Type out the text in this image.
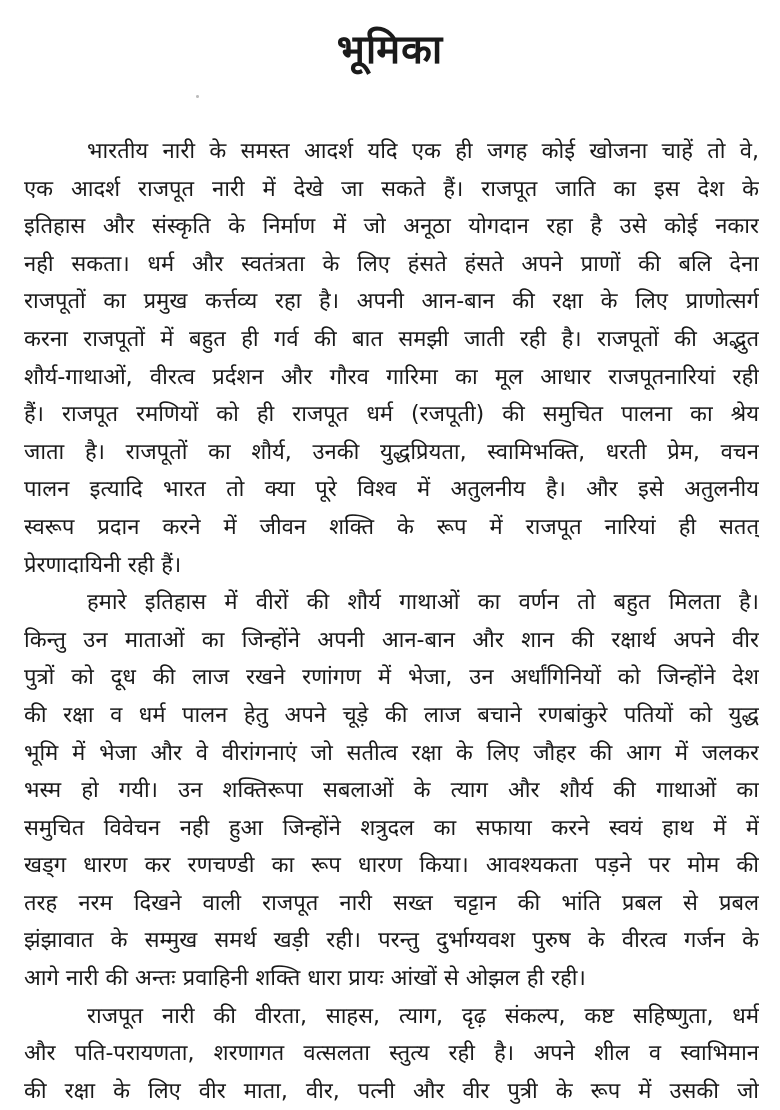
भूमिका
भारतीय नारी के समस्त आदर्श यदि एक ही जगह कोई खोजना चाहें तो वे,
एक आदर्श राजपूत नारी में देखे जा सकते हैं। राजपूत जाति का इस देश के
इतिहास और संस्कृति के निर्माण में जो अनूठा योगदान रहा है उसे कोई नकार
नही सकता। धर्म और स्वतंत्रता के लिए हंसते हंसते अपने प्राणों की बलि देना
राजपूतों का प्रमुख कर्त्तव्य रहा है। अपनी आन-बान की रक्षा के लिए प्राणोत्सर्ग
करना राजपूतों में बहुत ही गर्व की बात समझी जाती रही है। राजपूतों की अद्भुत
शौर्य-गाथाओं, वीरत्व प्रर्दशन और गौरव गारिमा का मूल आधार राजपूतनारियां रही
हैं। राजपूत रमणियों को ही राजपूत धर्म (रजपूती) की समुचित पालना का श्रेय
जाता है। राजपूतों का शौर्य, उनकी युद्धप्रियता, स्वामिभक्ति, धरती प्रेम, वचन
पालन इत्यादि भारत तो क्या पूरे विश्व में अतुलनीय है। और इसे अतुलनीय
स्वरूप प्रदान करने में जीवन शक्ति के रूप में राजपूत नारियां ही सतत्
प्रेरणादायिनी रही हैं।
हमारे इतिहास में वीरों की शौर्य गाथाओं का वर्णन तो बहुत मिलता है।
किन्तु उन माताओं का जिन्होंने अपनी आन-बान और शान की रक्षार्थ अपने वीर
पुत्रों को दूध की लाज रखने रणांगण में भेजा, उन अर्धांगिनियों को जिन्होंने देश
की रक्षा व धर्म पालन हेतु अपने चूड़े की लाज बचाने रणबांकुरे पतियों को युद्ध
भूमि में भेजा और वे वीरांगनाएं जो सतीत्व रक्षा के लिए जौहर की आग में जलकर
भस्म हो गयी। उन शक्तिरूपा सबलाओं के त्याग और शौर्य की गाथाओं का
समुचित विवेचन नही हुआ जिन्होंने शत्रुदल का सफाया करने स्वयं हाथ में में
खड्ग धारण कर रणचण्डी का रूप धारण किया। आवश्यकता पड़ने पर मोम की
तरह नरम दिखने वाली राजपूत नारी सख्त चट्टान की भांति प्रबल से प्रबल
झंझावात के सम्मुख समर्थ खड़ी रही। परन्तु दुर्भाग्यवश पुरुष के वीरत्व गर्जन के
आगे नारी की अन्तः प्रवाहिनी शक्ति धारा प्रायः आंखों से ओझल ही रही।
राजपूत नारी की वीरता, साहस, त्याग, दृढ़ संकल्प, कष्ट सहिष्णुता, धर्म
और पति-परायणता, शरणागत वत्सलता स्तुत्य रही है। अपने शील व स्वाभिमान
की रक्षा के लिए वीर माता, वीर, पत्नी और वीर पुत्री के रूप में उसकी जो
